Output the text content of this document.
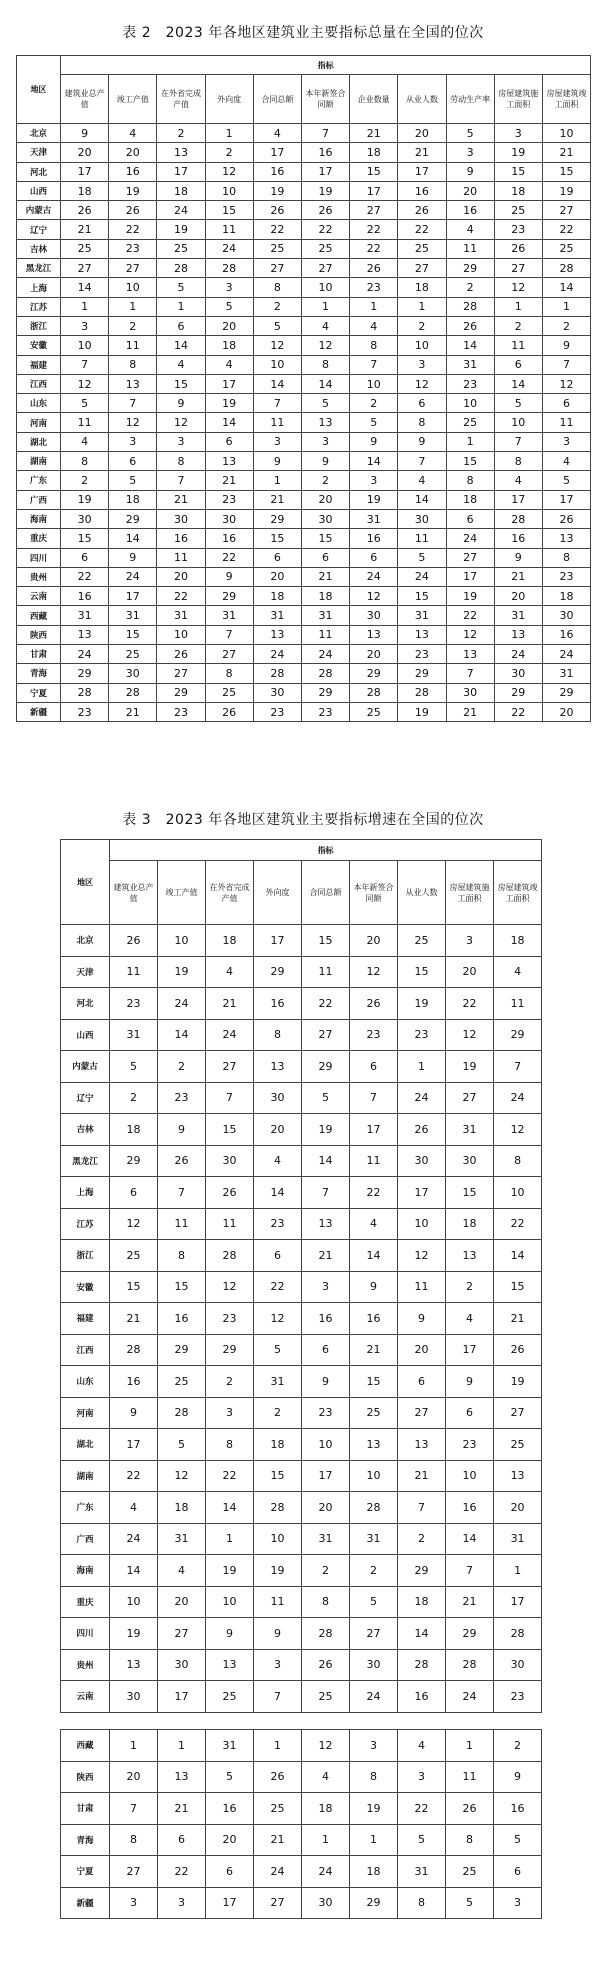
表 2　2023 年各地区建筑业主要指标总量在全国的位次
地区	指标										
	建筑业总产值	竣工产值	在外省完成产值	外向度	合同总额	本年新签合同额	企业数量	从业人数	劳动生产率	房屋建筑施工面积	房屋建筑竣工面积
北京	9	4	2	1	4	7	21	20	5	3	10
天津	20	20	13	2	17	16	18	21	3	19	21
河北	17	16	17	12	16	17	15	17	9	15	15
山西	18	19	18	10	19	19	17	16	20	18	19
内蒙古	26	26	24	15	26	26	27	26	16	25	27
辽宁	21	22	19	11	22	22	22	22	4	23	22
吉林	25	23	25	24	25	25	22	25	11	26	25
黑龙江	27	27	28	28	27	27	26	27	29	27	28
上海	14	10	5	3	8	10	23	18	2	12	14
江苏	1	1	1	5	2	1	1	1	28	1	1
浙江	3	2	6	20	5	4	4	2	26	2	2
安徽	10	11	14	18	12	12	8	10	14	11	9
福建	7	8	4	4	10	8	7	3	31	6	7
江西	12	13	15	17	14	14	10	12	23	14	12
山东	5	7	9	19	7	5	2	6	10	5	6
河南	11	12	12	14	11	13	5	8	25	10	11
湖北	4	3	3	6	3	3	9	9	1	7	3
湖南	8	6	8	13	9	9	14	7	15	8	4
广东	2	5	7	21	1	2	3	4	8	4	5
广西	19	18	21	23	21	20	19	14	18	17	17
海南	30	29	30	30	29	30	31	30	6	28	26
重庆	15	14	16	16	15	15	16	11	24	16	13
四川	6	9	11	22	6	6	6	5	27	9	8
贵州	22	24	20	9	20	21	24	24	17	21	23
云南	16	17	22	29	18	18	12	15	19	20	18
西藏	31	31	31	31	31	31	30	31	22	31	30
陕西	13	15	10	7	13	11	13	13	12	13	16
甘肃	24	25	26	27	24	24	20	23	13	24	24
青海	29	30	27	8	28	28	29	29	7	30	31
宁夏	28	28	29	25	30	29	28	28	30	29	29
新疆	23	21	23	26	23	23	25	19	21	22	20
表 3　2023 年各地区建筑业主要指标增速在全国的位次
地区	指标								
	建筑业总产值	竣工产值	在外省完成产值	外向度	合同总额	本年新签合同额	从业人数	房屋建筑施工面积	房屋建筑竣工面积
北京	26	10	18	17	15	20	25	3	18
天津	11	19	4	29	11	12	15	20	4
河北	23	24	21	16	22	26	19	22	11
山西	31	14	24	8	27	23	23	12	29
内蒙古	5	2	27	13	29	6	1	19	7
辽宁	2	23	7	30	5	7	24	27	24
吉林	18	9	15	20	19	17	26	31	12
黑龙江	29	26	30	4	14	11	30	30	8
上海	6	7	26	14	7	22	17	15	10
江苏	12	11	11	23	13	4	10	18	22
浙江	25	8	28	6	21	14	12	13	14
安徽	15	15	12	22	3	9	11	2	15
福建	21	16	23	12	16	16	9	4	21
江西	28	29	29	5	6	21	20	17	26
山东	16	25	2	31	9	15	6	9	19
河南	9	28	3	2	23	25	27	6	27
湖北	17	5	8	18	10	13	13	23	25
湖南	22	12	22	15	17	10	21	10	13
广东	4	18	14	28	20	28	7	16	20
广西	24	31	1	10	31	31	2	14	31
海南	14	4	19	19	2	2	29	7	1
重庆	10	20	10	11	8	5	18	21	17
四川	19	27	9	9	28	27	14	29	28
贵州	13	30	13	3	26	30	28	28	30
云南	30	17	25	7	25	24	16	24	23
西藏	1	1	31	1	12	3	4	1	2
陕西	20	13	5	26	4	8	3	11	9
甘肃	7	21	16	25	18	19	22	26	16
青海	8	6	20	21	1	1	5	8	5
宁夏	27	22	6	24	24	18	31	25	6
新疆	3	3	17	27	30	29	8	5	3
